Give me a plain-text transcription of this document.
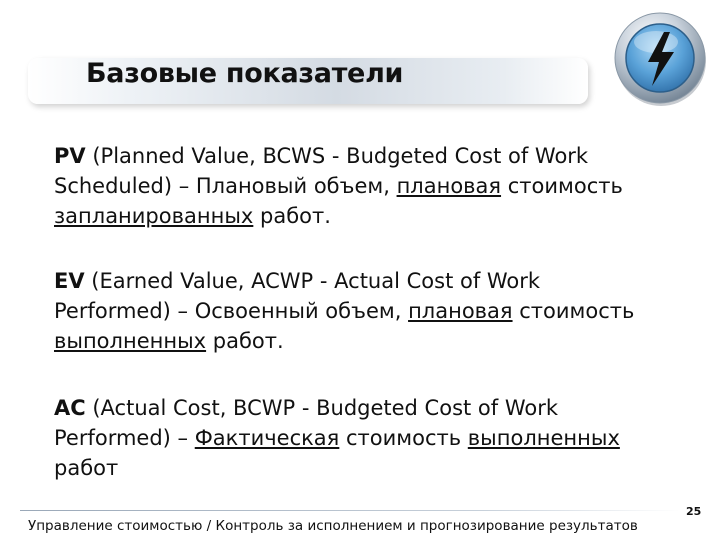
Базовые показатели
PV (Planned Value, BCWS - Budgeted Cost of Work
Scheduled) – Плановый объем, плановая стоимость
запланированных работ.
EV (Earned Value, ACWP - Actual Cost of Work
Performed) – Освоенный объем, плановая стоимость
выполненных работ.
AC (Actual Cost, BCWP - Budgeted Cost of Work
Performed) – Фактическая стоимость выполненных
работ
Управление стоимостью / Контроль за исполнением и прогнозирование результатов
25
